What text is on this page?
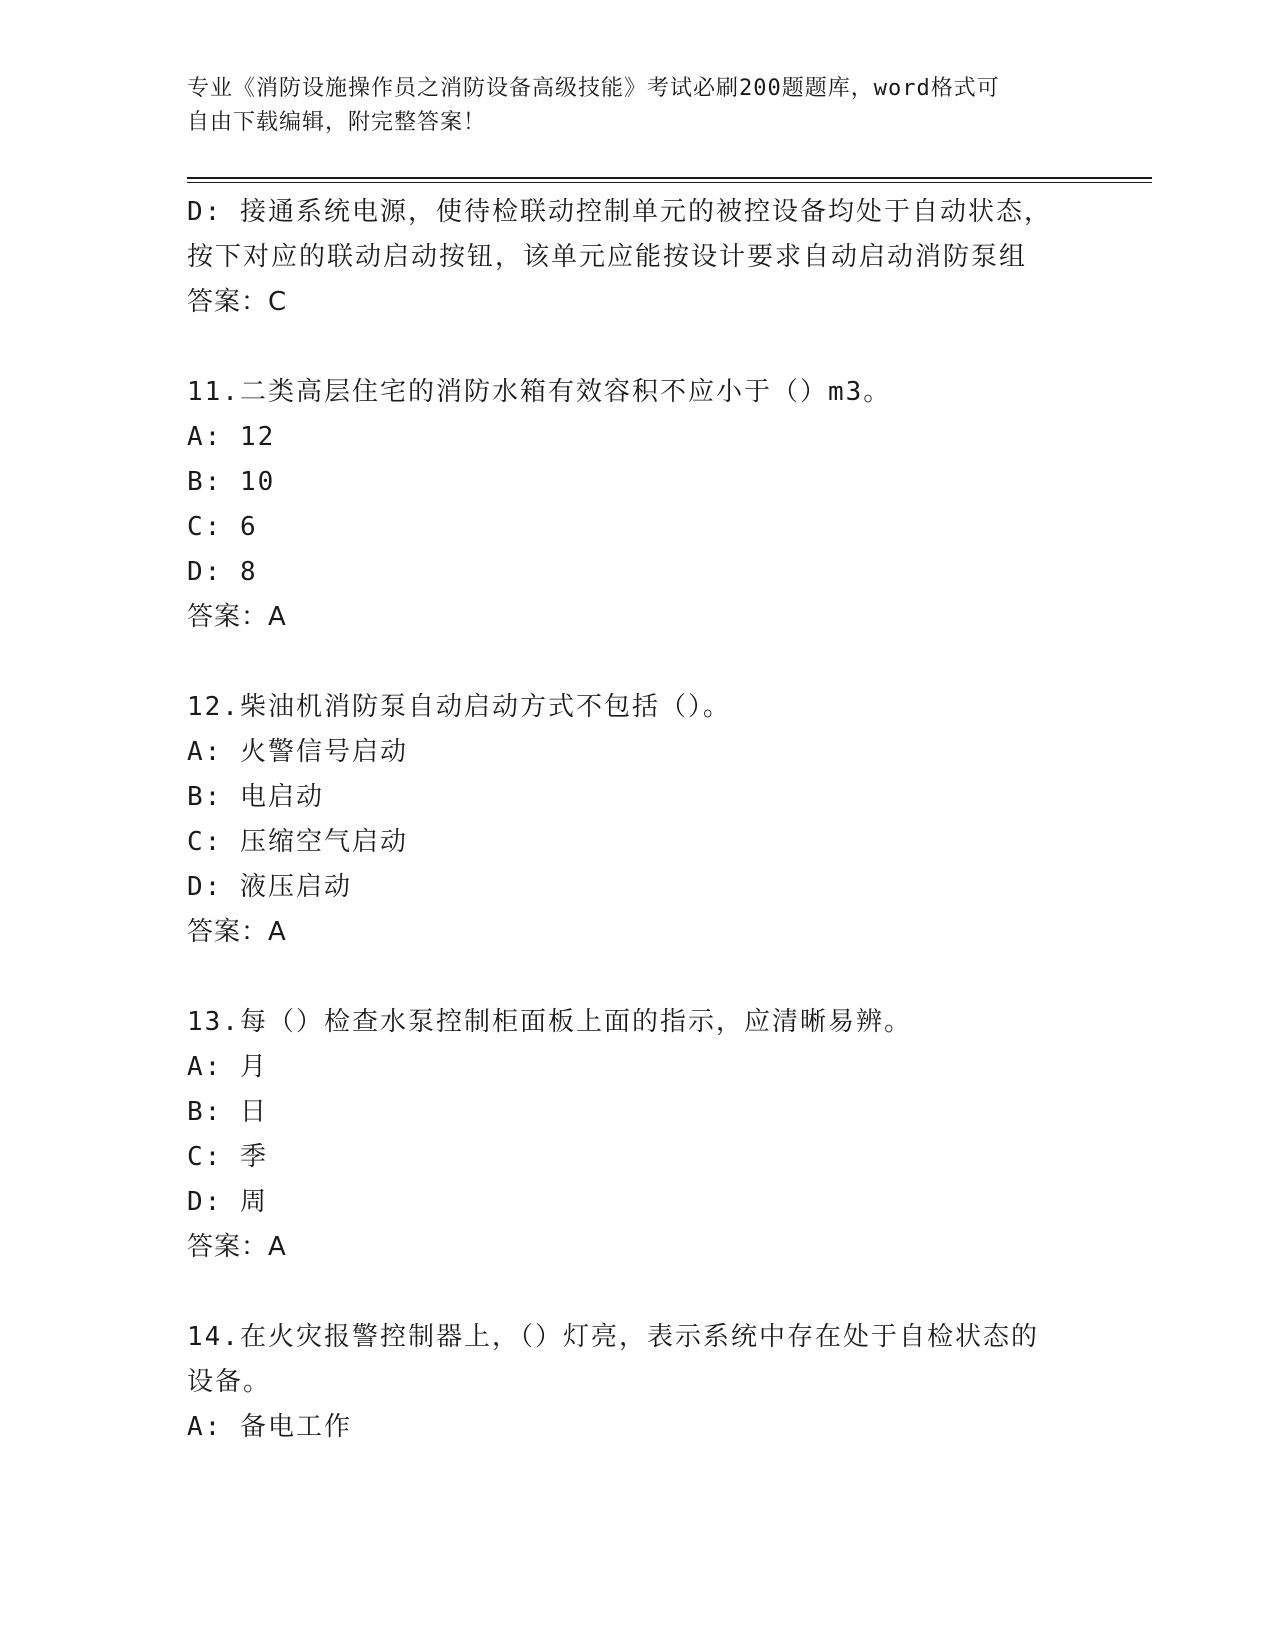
专业《消防设施操作员之消防设备高级技能》考试必刷200题题库，word格式可
自由下载编辑，附完整答案！
D: 接通系统电源，使待检联动控制单元的被控设备均处于自动状态，
按下对应的联动启动按钮，该单元应能按设计要求自动启动消防泵组
答案：C
11.二类高层住宅的消防水箱有效容积不应小于（）m3。
A: 12
B: 10
C: 6
D: 8
答案：A
12.柴油机消防泵自动启动方式不包括（）。
A: 火警信号启动
B: 电启动
C: 压缩空气启动
D: 液压启动
答案：A
13.每（）检查水泵控制柜面板上面的指示，应清晰易辨。
A: 月
B: 日
C: 季
D: 周
答案：A
14.在火灾报警控制器上，（）灯亮，表示系统中存在处于自检状态的
设备。
A: 备电工作
